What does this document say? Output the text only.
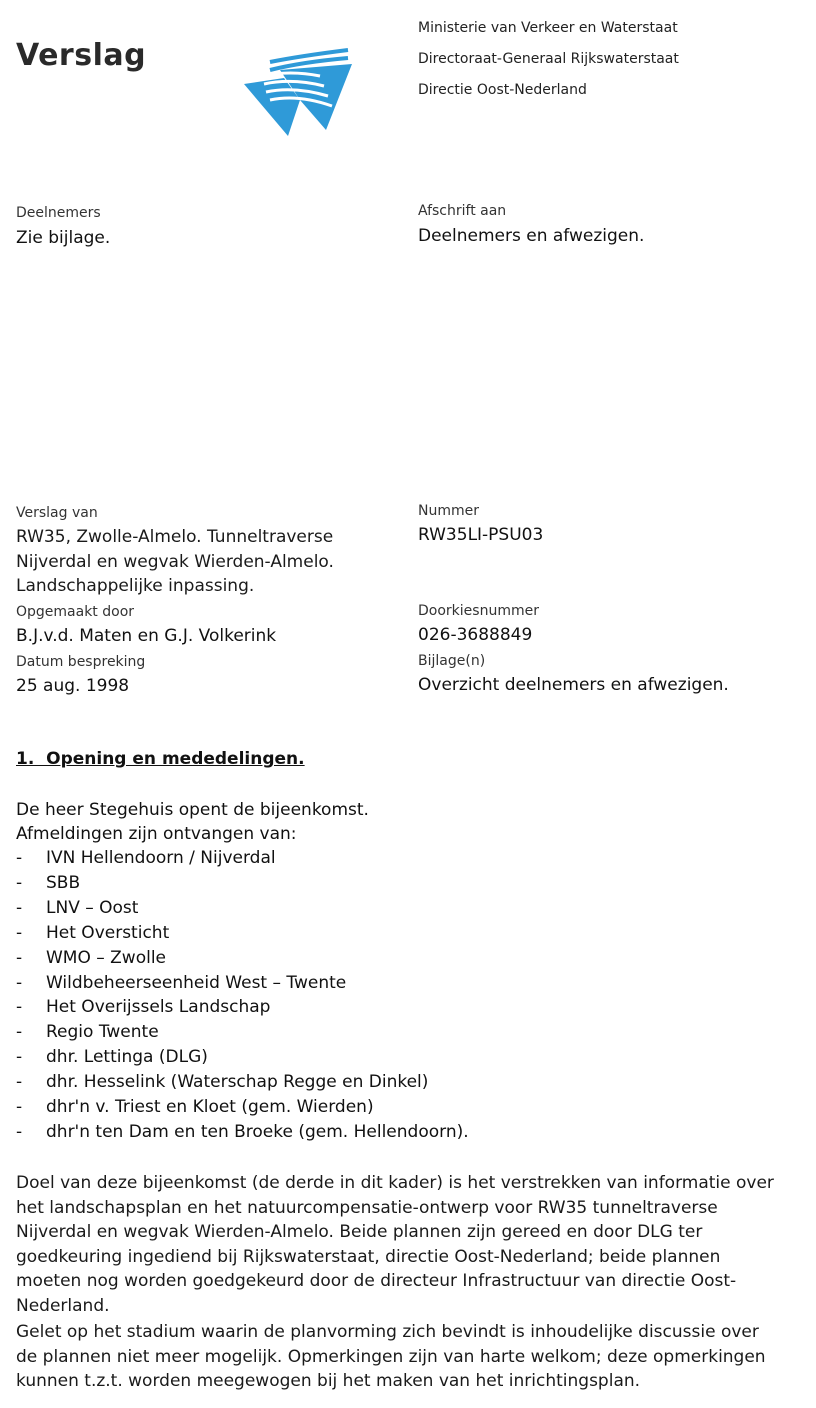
Verslag
Ministerie van Verkeer en Waterstaat
Directoraat-Generaal Rijkswaterstaat
Directie Oost-Nederland
Deelnemers
Zie bijlage.
Afschrift aan
Deelnemers en afwezigen.
Verslag van
RW35, Zwolle-Almelo. Tunneltraverse
Nijverdal en wegvak Wierden-Almelo.
Landschappelijke inpassing.
Nummer
RW35LI-PSU03
Opgemaakt door
B.J.v.d. Maten en G.J. Volkerink
Doorkiesnummer
026-3688849
Datum bespreking
25 aug. 1998
Bijlage(n)
Overzicht deelnemers en afwezigen.
1.  Opening en mededelingen.
De heer Stegehuis opent de bijeenkomst.
Afmeldingen zijn ontvangen van:
- IVN Hellendoorn / Nijverdal
- SBB
- LNV – Oost
- Het Oversticht
- WMO – Zwolle
- Wildbeheerseenheid West – Twente
- Het Overijssels Landschap
- Regio Twente
- dhr. Lettinga (DLG)
- dhr. Hesselink (Waterschap Regge en Dinkel)
- dhr'n v. Triest en Kloet (gem. Wierden)
- dhr'n ten Dam en ten Broeke (gem. Hellendoorn).
Doel van deze bijeenkomst (de derde in dit kader) is het verstrekken van informatie over
het landschapsplan en het natuurcompensatie-ontwerp voor RW35 tunneltraverse
Nijverdal en wegvak Wierden-Almelo. Beide plannen zijn gereed en door DLG ter
goedkeuring ingediend bij Rijkswaterstaat, directie Oost-Nederland; beide plannen
moeten nog worden goedgekeurd door de directeur Infrastructuur van directie Oost-
Nederland.
Gelet op het stadium waarin de planvorming zich bevindt is inhoudelijke discussie over
de plannen niet meer mogelijk. Opmerkingen zijn van harte welkom; deze opmerkingen
kunnen t.z.t. worden meegewogen bij het maken van het inrichtingsplan.
